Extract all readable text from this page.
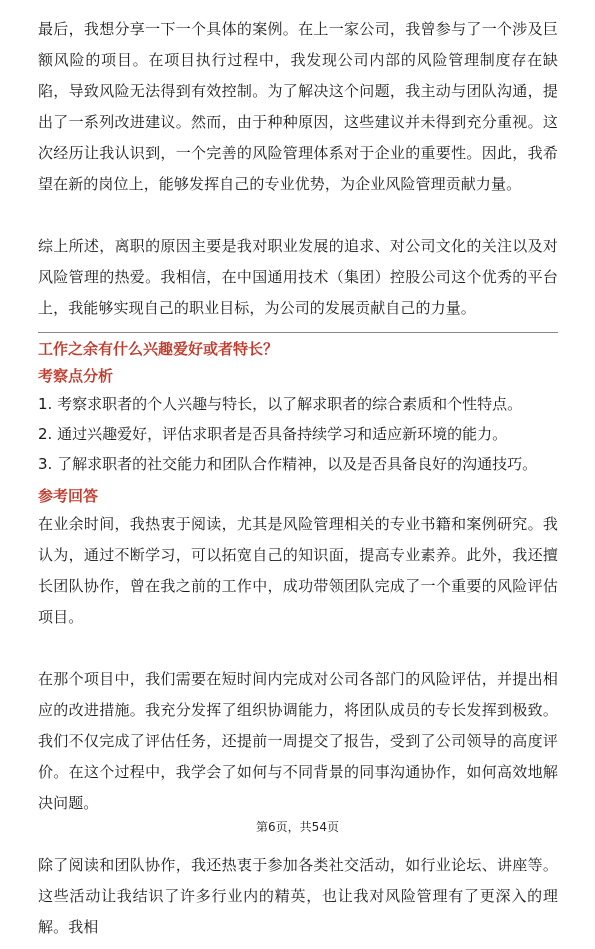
最后，我想分享一下一个具体的案例。在上一家公司，我曾参与了一个涉及巨额风险的项目。在项目执行过程中，我发现公司内部的风险管理制度存在缺陷，导致风险无法得到有效控制。为了解决这个问题，我主动与团队沟通，提出了一系列改进建议。然而，由于种种原因，这些建议并未得到充分重视。这次经历让我认识到，一个完善的风险管理体系对于企业的重要性。因此，我希望在新的岗位上，能够发挥自己的专业优势，为企业风险管理贡献力量。

综上所述，离职的原因主要是我对职业发展的追求、对公司文化的关注以及对风险管理的热爱。我相信，在中国通用技术（集团）控股公司这个优秀的平台上，我能够实现自己的职业目标，为公司的发展贡献自己的力量。

工作之余有什么兴趣爱好或者特长？
考察点分析
1. 考察求职者的个人兴趣与特长，以了解求职者的综合素质和个性特点。
2. 通过兴趣爱好，评估求职者是否具备持续学习和适应新环境的能力。
3. 了解求职者的社交能力和团队合作精神，以及是否具备良好的沟通技巧。
参考回答

在业余时间，我热衷于阅读，尤其是风险管理相关的专业书籍和案例研究。我认为，通过不断学习，可以拓宽自己的知识面，提高专业素养。此外，我还擅长团队协作，曾在我之前的工作中，成功带领团队完成了一个重要的风险评估项目。

在那个项目中，我们需要在短时间内完成对公司各部门的风险评估，并提出相应的改进措施。我充分发挥了组织协调能力，将团队成员的专长发挥到极致。我们不仅完成了评估任务，还提前一周提交了报告，受到了公司领导的高度评价。在这个过程中，我学会了如何与不同背景的同事沟通协作，如何高效地解决问题。

除了阅读和团队协作，我还热衷于参加各类社交活动，如行业论坛、讲座等。这些活动让我结识了许多行业内的精英，也让我对风险管理有了更深入的理解。我相

第6页，共54页
